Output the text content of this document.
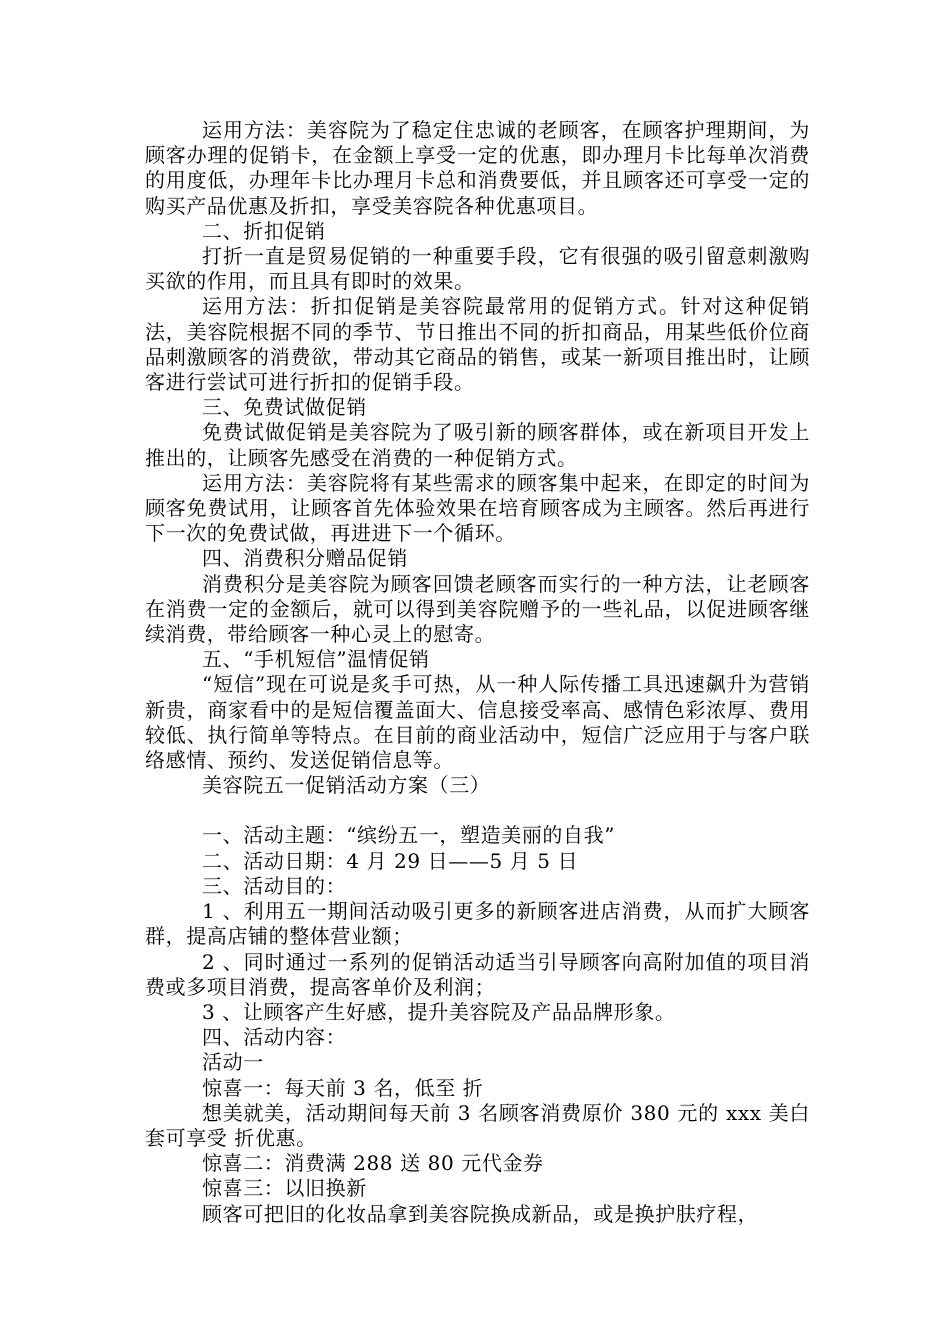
运用方法：美容院为了稳定住忠诚的老顾客，在顾客护理期间，为顾客办理的促销卡，在金额上享受一定的优惠，即办理月卡比每单次消费的用度低，办理年卡比办理月卡总和消费要低，并且顾客还可享受一定的购买产品优惠及折扣，享受美容院各种优惠项目。

二、折扣促销

打折一直是贸易促销的一种重要手段，它有很强的吸引留意刺激购买欲的作用，而且具有即时的效果。

运用方法：折扣促销是美容院最常用的促销方式。针对这种促销法，美容院根据不同的季节、节日推出不同的折扣商品，用某些低价位商品刺激顾客的消费欲，带动其它商品的销售，或某一新项目推出时，让顾客进行尝试可进行折扣的促销手段。

三、免费试做促销

免费试做促销是美容院为了吸引新的顾客群体，或在新项目开发上推出的，让顾客先感受在消费的一种促销方式。

运用方法：美容院将有某些需求的顾客集中起来，在即定的时间为顾客免费试用，让顾客首先体验效果在培育顾客成为主顾客。然后再进行下一次的免费试做，再进进下一个循环。

四、消费积分赠品促销

消费积分是美容院为顾客回馈老顾客而实行的一种方法，让老顾客在消费一定的金额后，就可以得到美容院赠予的一些礼品，以促进顾客继续消费，带给顾客一种心灵上的慰寄。

五、“手机短信”温情促销

“短信”现在可说是炙手可热，从一种人际传播工具迅速飙升为营销新贵，商家看中的是短信覆盖面大、信息接受率高、感情色彩浓厚、费用较低、执行简单等特点。在目前的商业活动中，短信广泛应用于与客户联络感情、预约、发送促销信息等。

美容院五一促销活动方案（三）

一、活动主题：“缤纷五一，塑造美丽的自我”

二、活动日期：4 月 29 日——5 月 5 日

三、活动目的：

1 、利用五一期间活动吸引更多的新顾客进店消费，从而扩大顾客群，提高店铺的整体营业额；

2 、同时通过一系列的促销活动适当引导顾客向高附加值的项目消费或多项目消费，提高客单价及利润；

3 、让顾客产生好感，提升美容院及产品品牌形象。

四、活动内容：

活动一

惊喜一：每天前 3 名，低至 折

想美就美，活动期间每天前 3 名顾客消费原价 380 元的 xxx 美白套可享受 折优惠。

惊喜二：消费满 288 送 80 元代金券

惊喜三：以旧换新

顾客可把旧的化妆品拿到美容院换成新品，或是换护肤疗程，
